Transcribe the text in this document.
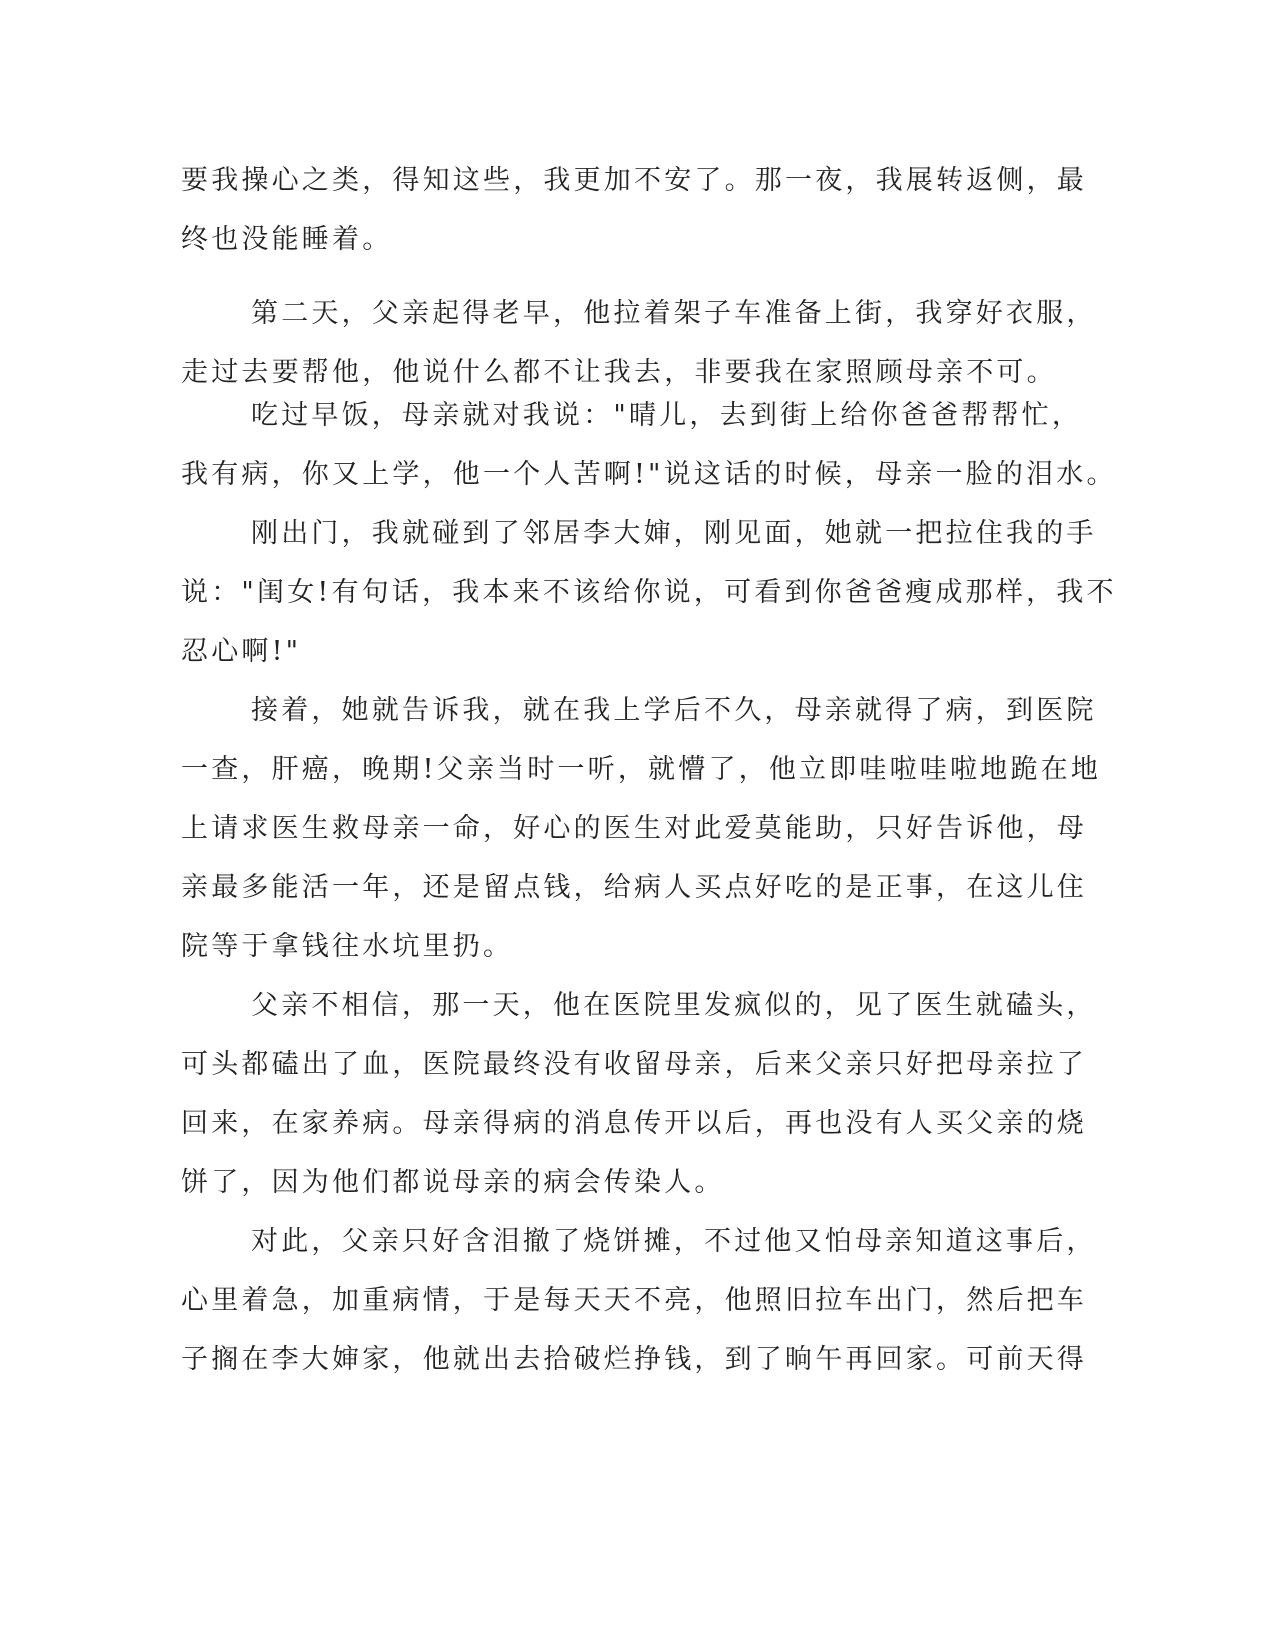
要我操心之类，得知这些，我更加不安了。那一夜，我展转返侧，最

终也没能睡着。

第二天，父亲起得老早，他拉着架子车准备上街，我穿好衣服，

走过去要帮他，他说什么都不让我去，非要我在家照顾母亲不可。

吃过早饭，母亲就对我说："晴儿，去到街上给你爸爸帮帮忙，

我有病，你又上学，他一个人苦啊!"说这话的时候，母亲一脸的泪水。

刚出门，我就碰到了邻居李大婶，刚见面，她就一把拉住我的手

说："闺女!有句话，我本来不该给你说，可看到你爸爸瘦成那样，我不

忍心啊!"

接着，她就告诉我，就在我上学后不久，母亲就得了病，到医院

一查，肝癌，晚期!父亲当时一听，就懵了，他立即哇啦哇啦地跪在地

上请求医生救母亲一命，好心的医生对此爱莫能助，只好告诉他，母

亲最多能活一年，还是留点钱，给病人买点好吃的是正事，在这儿住

院等于拿钱往水坑里扔。

父亲不相信，那一天，他在医院里发疯似的，见了医生就磕头，

可头都磕出了血，医院最终没有收留母亲，后来父亲只好把母亲拉了

回来，在家养病。母亲得病的消息传开以后，再也没有人买父亲的烧

饼了，因为他们都说母亲的病会传染人。

对此，父亲只好含泪撤了烧饼摊，不过他又怕母亲知道这事后，

心里着急，加重病情，于是每天天不亮，他照旧拉车出门，然后把车

子搁在李大婶家，他就出去拾破烂挣钱，到了晌午再回家。可前天得
